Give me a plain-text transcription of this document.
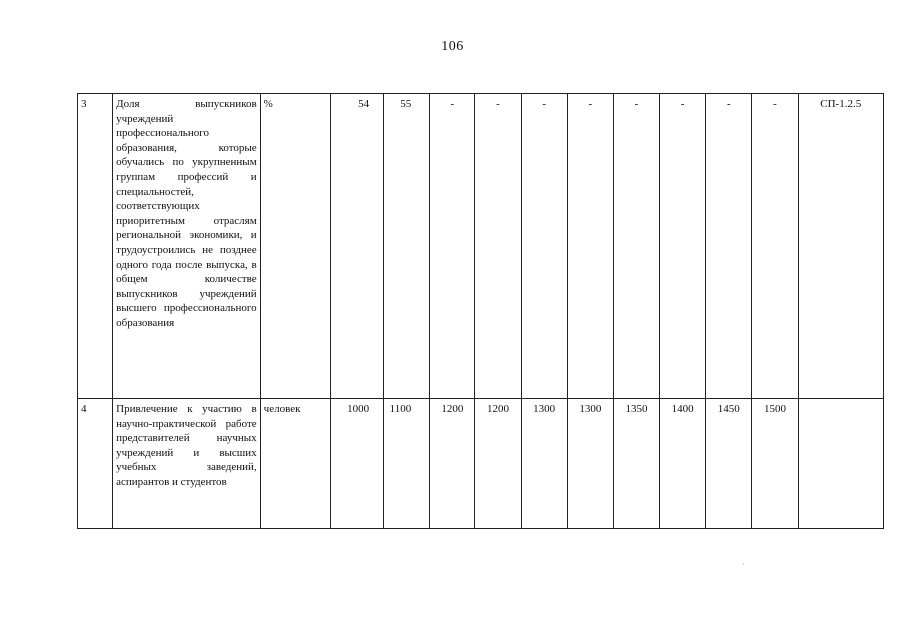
106
3	Доля выпускников учреждений профессионального образования, которые обучались по укрупненным группам профессий и специальностей, соответствующих приоритетным отраслям региональной экономики, и трудоустроились не позднее одного года после выпуска, в общем количестве выпускников учреждений высшего профессионального образования	%	54	55	-	-	-	-	-	-	-	-	СП-1.2.5
4	Привлечение к участию в научно-практической работе представителей научных учреждений и высших учебных заведений, аспирантов и студентов	человек	1000	1100	1200	1200	1300	1300	1350	1400	1450	1500	
·
